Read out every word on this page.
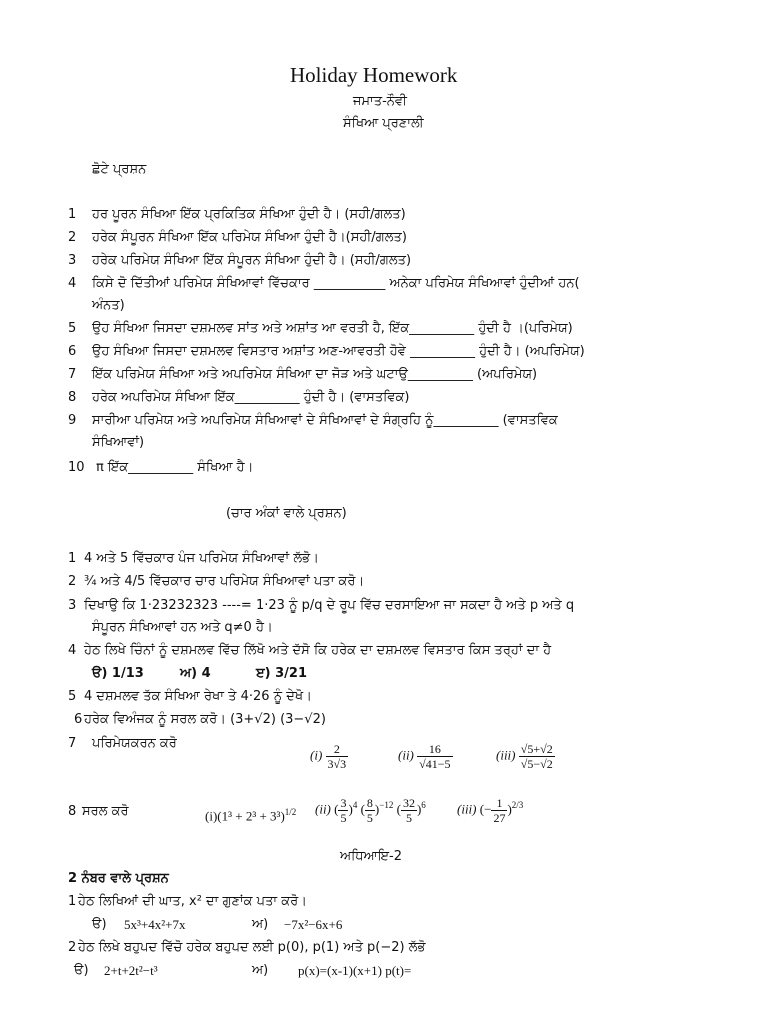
Holiday Homework
ਜਮਾਤ-ਨੌਵੀ
ਸੰਖਿਆ ਪ੍ਰਣਾਲੀ
ਛੋਟੇ ਪ੍ਰਸ਼ਨ
1 ਹਰ ਪੂਰਨ ਸੰਖਿਆ ਇੱਕ ਪ੍ਰਕਿਤਿਕ ਸੰਖਿਆ ਹੁੰਦੀ ਹੈ। (ਸਹੀ/ਗਲਤ)
2 ਹਰੇਕ ਸੰਪੂਰਨ ਸੰਖਿਆ ਇੱਕ ਪਰਿਮੇਯ ਸੰਖਿਆ ਹੁੰਦੀ ਹੈ।(ਸਹੀ/ਗਲਤ)
3 ਹਰੇਕ ਪਰਿਮੇਯ ਸੰਖਿਆ ਇੱਕ ਸੰਪੂਰਨ ਸੰਖਿਆ ਹੁੰਦੀ ਹੈ। (ਸਹੀ/ਗਲਤ)
4 ਕਿਸੇ ਦੋ ਦਿੱਤੀਆਂ ਪਰਿਮੇਯ ਸੰਖਿਆਵਾਂ ਵਿੱਚਕਾਰ ___________ ਅਨੇਕਾ ਪਰਿਮੇਯ ਸੰਖਿਆਵਾਂ ਹੁੰਦੀਆਂ ਹਨ(
ਅੰਨਤ)
5 ਉਹ ਸੰਖਿਆ ਜਿਸਦਾ ਦਸ਼ਮਲਵ ਸਾਂਤ ਅਤੇ ਅਸ਼ਾਂਤ ਆ ਵਰਤੀ ਹੈ, ਇੱਕ__________ ਹੁੰਦੀ ਹੈ ।(ਪਰਿਮੇਯ)
6 ਉਹ ਸੰਖਿਆ ਜਿਸਦਾ ਦਸ਼ਮਲਵ ਵਿਸਤਾਰ ਅਸ਼ਾਂਤ ਅਣ-ਆਵਰਤੀ ਹੋਵੇ __________ ਹੁੰਦੀ ਹੈ। (ਅਪਰਿਮੇਯ)
7 ਇੱਕ ਪਰਿਮੇਯ ਸੰਖਿਆ ਅਤੇ ਅਪਰਿਮੇਯ ਸੰਖਿਆ ਦਾ ਜੋੜ ਅਤੇ ਘਟਾਉ__________ (ਅਪਰਿਮੇਯ)
8 ਹਰੇਕ ਅਪਰਿਮੇਯ ਸੰਖਿਆ ਇੱਕ__________ ਹੁੰਦੀ ਹੈ। (ਵਾਸਤਵਿਕ)
9 ਸਾਰੀਆ ਪਰਿਮੇਯ ਅਤੇ ਅਪਰਿਮੇਯ ਸੰਖਿਆਵਾਂ ਦੇ ਸੰਖਿਆਵਾਂ ਦੇ ਸੰਗ੍ਰਹਿ ਨੂੰ__________ (ਵਾਸਤਵਿਕ
ਸੰਖਿਆਵਾਂ)
10 π ਇੱਕ__________ ਸੰਖਿਆ ਹੈ।
(ਚਾਰ ਅੰਕਾਂ ਵਾਲੇ ਪ੍ਰਸ਼ਨ)
1 4 ਅਤੇ 5 ਵਿੱਚਕਾਰ ਪੰਜ ਪਰਿਮੇਯ ਸੰਖਿਆਵਾਂ ਲੱਭੋ।
2 ¾ ਅਤੇ 4/5 ਵਿੱਚਕਾਰ ਚਾਰ ਪਰਿਮੇਯ ਸੰਖਿਆਵਾਂ ਪਤਾ ਕਰੋ।
3 ਦਿਖਾਉ ਕਿ 1·23232323 ----= 1·23 ਨੂੰ p/q ਦੇ ਰੂਪ ਵਿੱਚ ਦਰਸਾਇਆ ਜਾ ਸਕਦਾ ਹੈ ਅਤੇ p ਅਤੇ q
ਸੰਪੂਰਨ ਸੰਖਿਆਵਾਂ ਹਨ ਅਤੇ q≠0 ਹੈ।
4 ਹੇਠ ਲਿਖੇ ਚਿੰਨਾਂ ਨੂੰ ਦਸ਼ਮਲਵ ਵਿੱਚ ਲਿੱਖੋ ਅਤੇ ਦੱਸੋ ਕਿ ਹਰੇਕ ਦਾ ਦਸ਼ਮਲਵ ਵਿਸਤਾਰ ਕਿਸ ਤਰ੍ਹਾਂ ਦਾ ਹੈ
ੳ) 1/13	ਅ) 4	ੲ) 3/21
5 4 ਦਸ਼ਮਲਵ ਤੱਕ ਸੰਖਿਆ ਰੇਖਾ ਤੇ 4·26 ਨੂੰ ਦੇਖੋ।
6 ਹਰੇਕ ਵਿਅੰਜਕ ਨੂੰ ਸਰਲ ਕਰੋ। (3+√2) (3−√2)
7 ਪਰਿਮੇਯਕਰਨ ਕਰੋ
$(i) \frac{2}{3√3}$	$(ii) \frac{16}{√41-5}$	$(iii) \frac{√5+√2}{√5-√2}$
8 ਸਰਲ ਕਰੋ	$(i)(1^3 + 2^3 + 3^3)^{1/2}$ (ii) ( $\frac{3}{5} )^4$ ( $\frac{8}{5} )^{-12}$ ( $\frac{32}{5} )^6$ (iii) (− $\frac{1}{27} )^{2/3}$
ਅਧਿਆਇ-2
2 ਨੰਬਰ ਵਾਲੇ ਪ੍ਰਸ਼ਨ
1 ਹੇਠ ਲਿਖਿਆਂ ਦੀ ਘਾਤ, x² ਦਾ ਗੁਣਾਂਕ ਪਤਾ ਕਰੋ।
ੳ) 5x³+4x²+7x	ਅ) −7x²−6x+6
2 ਹੇਠ ਲਿਖੇ ਬਹੁਪਦ ਵਿੱਚੋ ਹਰੇਕ ਬਹੁਪਦ ਲਈ p(0), p(1) ਅਤੇ p(−2) ਲੱਭੋ
ੳ) 2+t+2t²−t³	ਅ) p(x)=(x-1)(x+1) p(t)=
